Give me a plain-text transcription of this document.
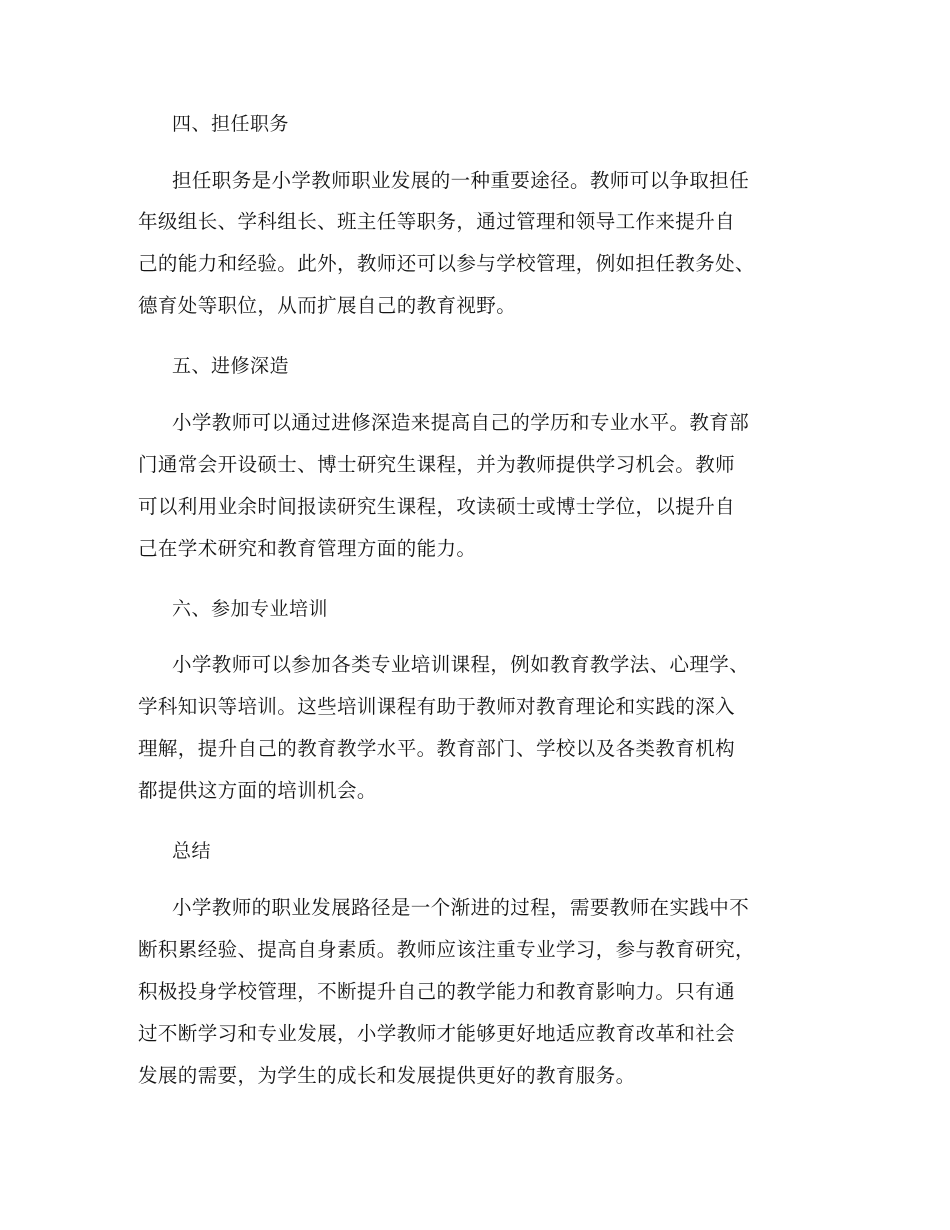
四、担任职务
担任职务是小学教师职业发展的一种重要途径。教师可以争取担任
年级组长、学科组长、班主任等职务，通过管理和领导工作来提升自
己的能力和经验。此外，教师还可以参与学校管理，例如担任教务处、
德育处等职位，从而扩展自己的教育视野。
五、进修深造
小学教师可以通过进修深造来提高自己的学历和专业水平。教育部
门通常会开设硕士、博士研究生课程，并为教师提供学习机会。教师
可以利用业余时间报读研究生课程，攻读硕士或博士学位，以提升自
己在学术研究和教育管理方面的能力。
六、参加专业培训
小学教师可以参加各类专业培训课程，例如教育教学法、心理学、
学科知识等培训。这些培训课程有助于教师对教育理论和实践的深入
理解，提升自己的教育教学水平。教育部门、学校以及各类教育机构
都提供这方面的培训机会。
总结
小学教师的职业发展路径是一个渐进的过程，需要教师在实践中不
断积累经验、提高自身素质。教师应该注重专业学习，参与教育研究，
积极投身学校管理，不断提升自己的教学能力和教育影响力。只有通
过不断学习和专业发展，小学教师才能够更好地适应教育改革和社会
发展的需要，为学生的成长和发展提供更好的教育服务。
